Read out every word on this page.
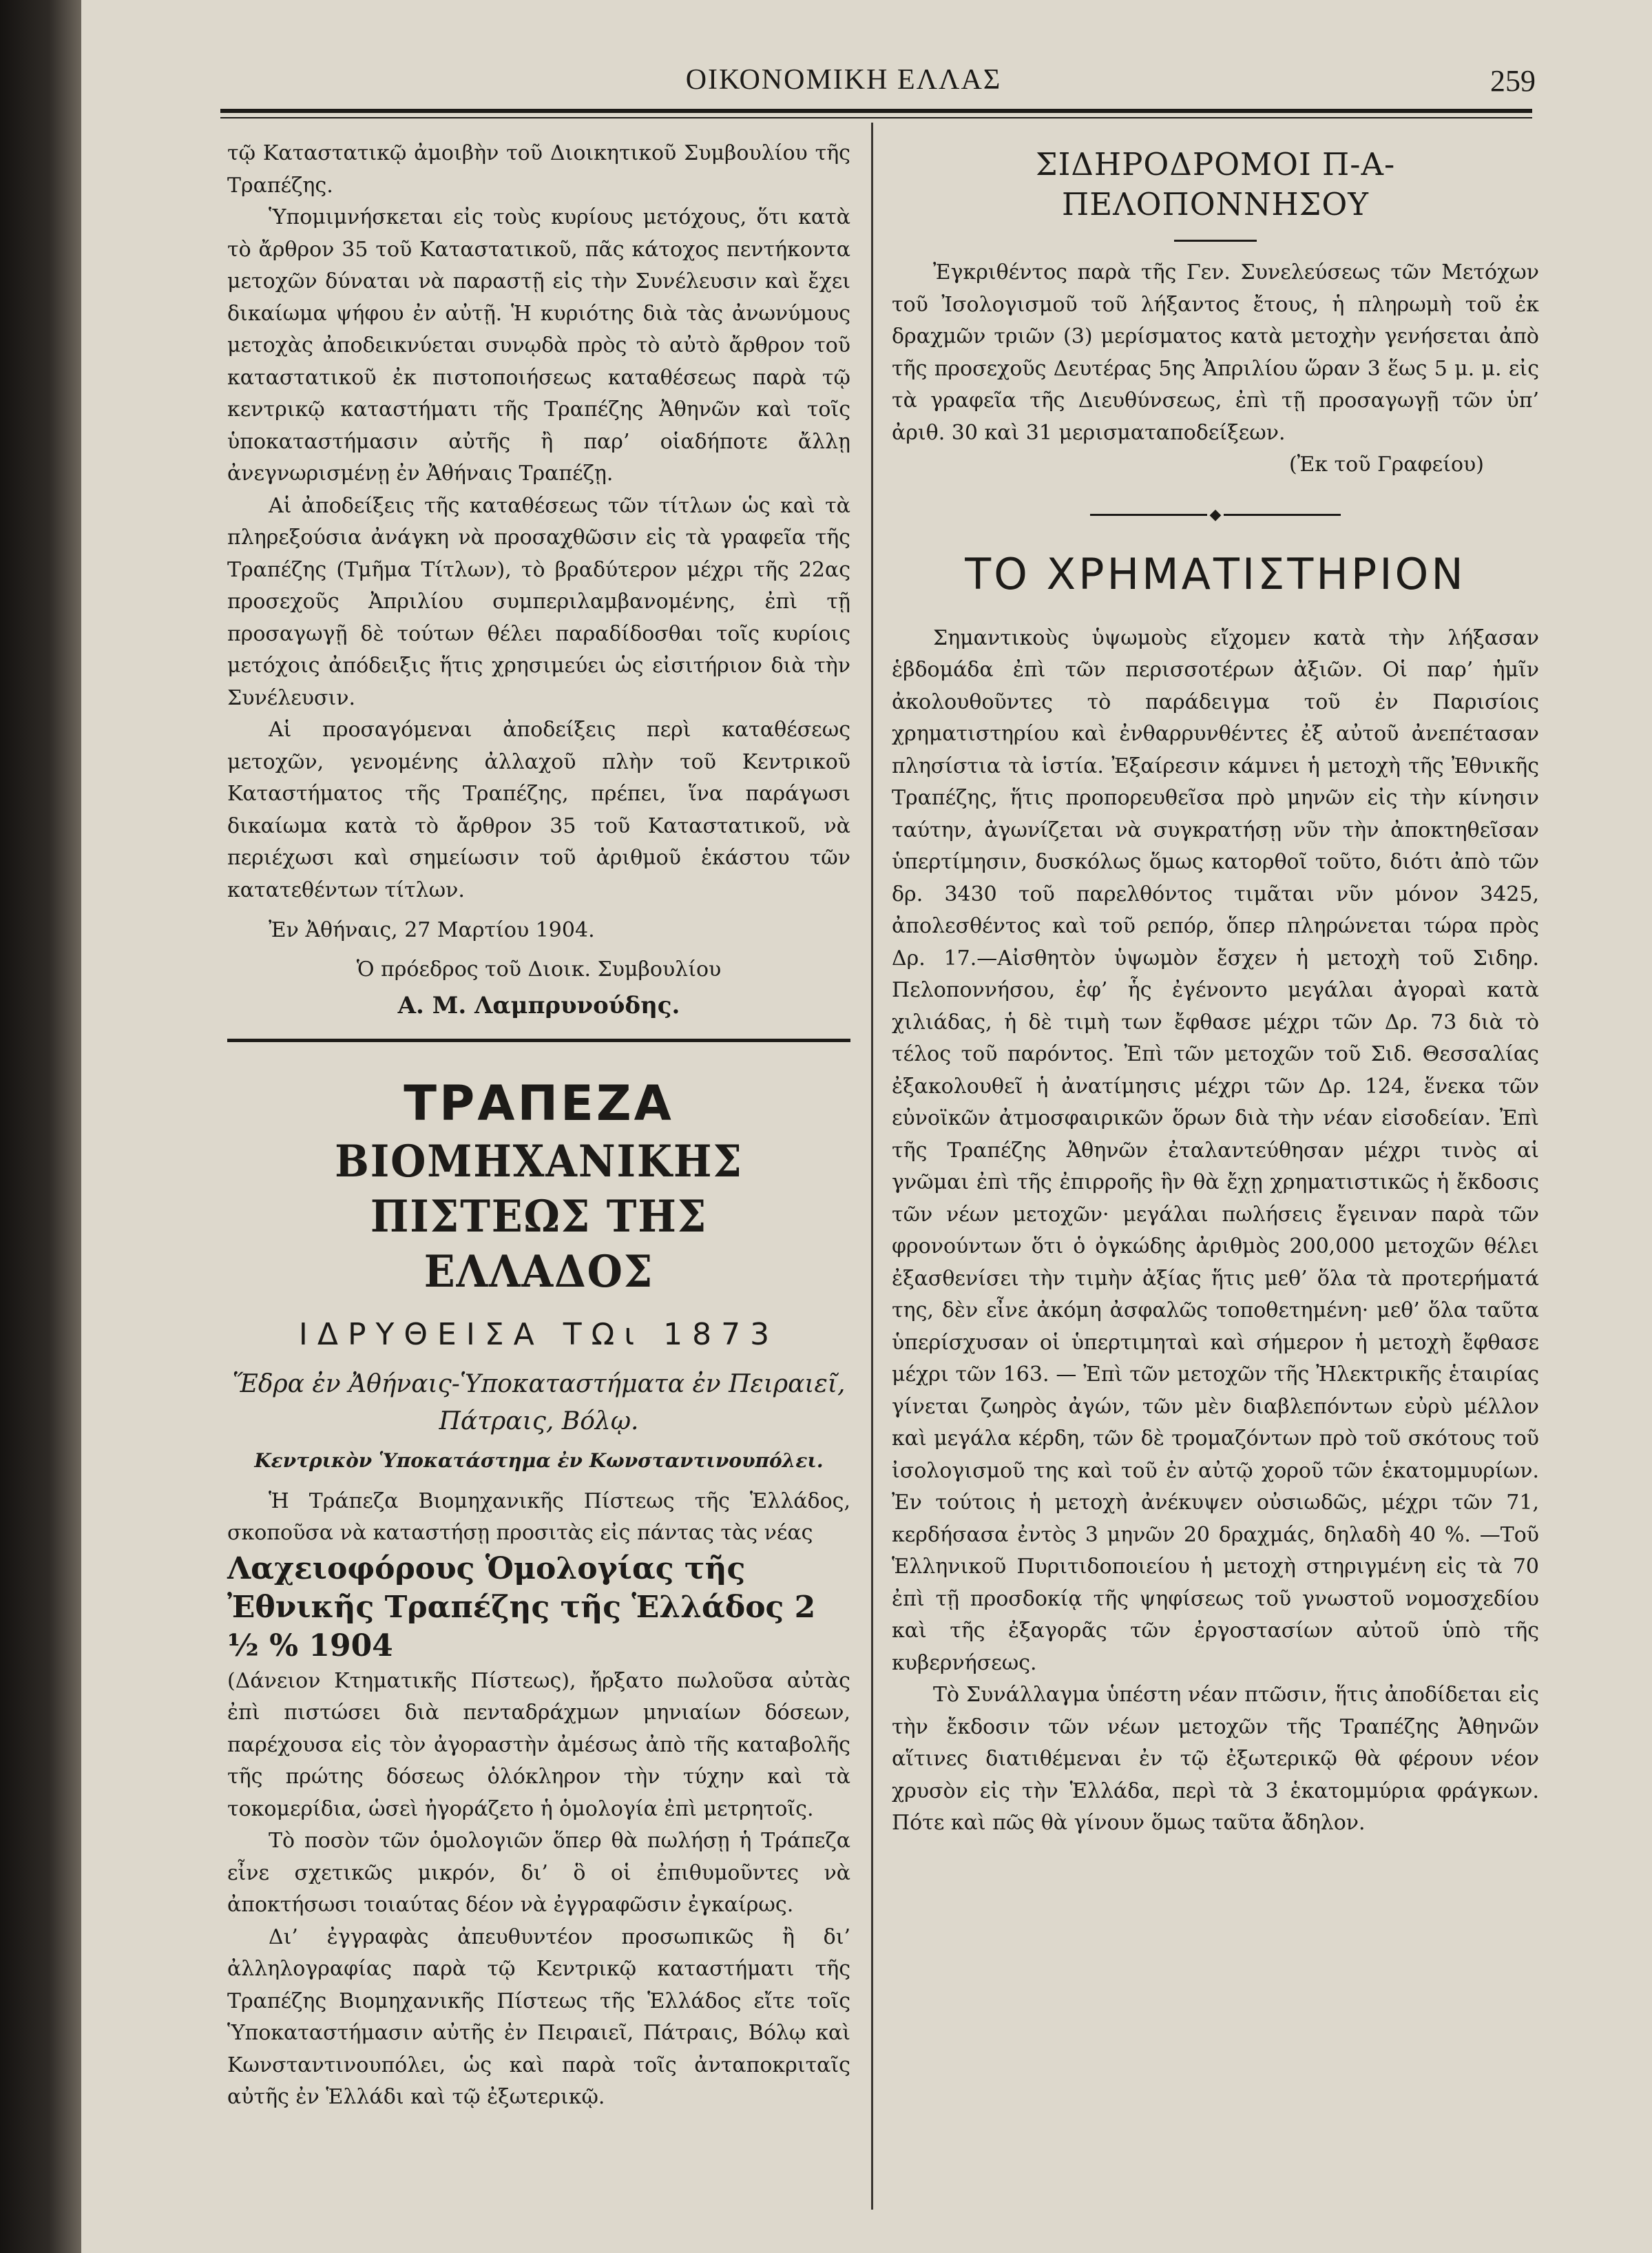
ΟΙΚΟΝΟΜΙΚΗ ΕΛΛΑΣ	259

τῷ Καταστατικῷ ἀμοιβὴν τοῦ Διοικητικοῦ Συμβουλίου τῆς Τραπέζης.

Ὑπομιμνήσκεται εἰς τοὺς κυρίους μετόχους, ὅτι κατὰ τὸ ἄρθρον 35 τοῦ Καταστατικοῦ, πᾶς κάτοχος πεντήκοντα μετοχῶν δύναται νὰ παραστῇ εἰς τὴν Συνέλευσιν καὶ ἔχει δικαίωμα ψήφου ἐν αὐτῇ. Ἡ κυριότης διὰ τὰς ἀνωνύμους μετοχὰς ἀποδεικνύεται συνῳδὰ πρὸς τὸ αὐτὸ ἄρθρον τοῦ καταστατικοῦ ἐκ πιστοποιήσεως καταθέσεως παρὰ τῷ κεντρικῷ καταστήματι τῆς Τραπέζης Ἀθηνῶν καὶ τοῖς ὑποκαταστήμασιν αὐτῆς ἢ παρ’ οἱαδήποτε ἄλλῃ ἀνεγνωρισμένῃ ἐν Ἀθήναις Τραπέζῃ.

Αἱ ἀποδείξεις τῆς καταθέσεως τῶν τίτλων ὡς καὶ τὰ πληρεξούσια ἀνάγκη νὰ προσαχθῶσιν εἰς τὰ γραφεῖα τῆς Τραπέζης (Τμῆμα Τίτλων), τὸ βραδύτερον μέχρι τῆς 22ας προσεχοῦς Ἀπριλίου συμπεριλαμβανομένης, ἐπὶ τῇ προσαγωγῇ δὲ τούτων θέλει παραδίδοσθαι τοῖς κυρίοις μετόχοις ἀπόδειξις ἥτις χρησιμεύει ὡς εἰσιτήριον διὰ τὴν Συνέλευσιν.

Αἱ προσαγόμεναι ἀποδείξεις περὶ καταθέσεως μετοχῶν, γενομένης ἀλλαχοῦ πλὴν τοῦ Κεντρικοῦ Καταστήματος τῆς Τραπέζης, πρέπει, ἵνα παράγωσι δικαίωμα κατὰ τὸ ἄρθρον 35 τοῦ Καταστατικοῦ, νὰ περιέχωσι καὶ σημείωσιν τοῦ ἀριθμοῦ ἑκάστου τῶν κατατεθέντων τίτλων.

Ἐν Ἀθήναις, 27 Μαρτίου 1904.

Ὁ πρόεδρος τοῦ Διοικ. Συμβουλίου

Α. Μ. Λαμπρυνούδης.

ΤΡΑΠΕΖΑ

ΒΙΟΜΗΧΑΝΙΚΗΣ ΠΙΣΤΕΩΣ ΤΗΣ ΕΛΛΑΔΟΣ

ΙΔΡΥΘΕΙΣΑ ΤΩι 1873

Ἕδρα ἐν Ἀθήναις-Ὑποκαταστήματα ἐν Πειραιεῖ, Πάτραις, Βόλῳ.

Κεντρικὸν Ὑποκατάστημα ἐν Κωνσταντινουπόλει.

Ἡ Τράπεζα Βιομηχανικῆς Πίστεως τῆς Ἑλλάδος, σκοποῦσα νὰ καταστήσῃ προσιτὰς εἰς πάντας τὰς νέας

Λαχειοφόρους Ὁμολογίας τῆς Ἐθνικῆς Τραπέζης τῆς Ἑλλάδος 2 ½ % 1904

(Δάνειον Κτηματικῆς Πίστεως), ἤρξατο πωλοῦσα αὐτὰς ἐπὶ πιστώσει διὰ πενταδράχμων μηνιαίων δόσεων, παρέχουσα εἰς τὸν ἀγοραστὴν ἀμέσως ἀπὸ τῆς καταβολῆς τῆς πρώτης δόσεως ὁλόκληρον τὴν τύχην καὶ τὰ τοκομερίδια, ὡσεὶ ἠγοράζετο ἡ ὁμολογία ἐπὶ μετρητοῖς.

Τὸ ποσὸν τῶν ὁμολογιῶν ὅπερ θὰ πωλήσῃ ἡ Τράπεζα εἶνε σχετικῶς μικρόν, δι’ ὃ οἱ ἐπιθυμοῦντες νὰ ἀποκτήσωσι τοιαύτας δέον νὰ ἐγγραφῶσιν ἐγκαίρως.

Δι’ ἐγγραφὰς ἀπευθυντέον προσωπικῶς ἢ δι’ ἀλληλογραφίας παρὰ τῷ Κεντρικῷ καταστήματι τῆς Τραπέζης Βιομηχανικῆς Πίστεως τῆς Ἑλλάδος εἴτε τοῖς Ὑποκαταστήμασιν αὐτῆς ἐν Πειραιεῖ, Πάτραις, Βόλῳ καὶ Κωνσταντινουπόλει, ὡς καὶ παρὰ τοῖς ἀνταποκριταῖς αὐτῆς ἐν Ἑλλάδι καὶ τῷ ἐξωτερικῷ.

ΣΙΔΗΡΟΔΡΟΜΟΙ Π-Α-ΠΕΛΟΠΟΝΝΗΣΟΥ

Ἐγκριθέντος παρὰ τῆς Γεν. Συνελεύσεως τῶν Μετόχων τοῦ Ἰσολογισμοῦ τοῦ λήξαντος ἔτους, ἡ πληρωμὴ τοῦ ἐκ δραχμῶν τριῶν (3) μερίσματος κατὰ μετοχὴν γενήσεται ἀπὸ τῆς προσεχοῦς Δευτέρας 5ης Ἀπριλίου ὥραν 3 ἕως 5 μ. μ. εἰς τὰ γραφεῖα τῆς Διευθύνσεως, ἐπὶ τῇ προσαγωγῇ τῶν ὑπ’ ἀριθ. 30 καὶ 31 μερισματαποδείξεων.

(Ἐκ τοῦ Γραφείου)

◆

ΤΟ ΧΡΗΜΑΤΙΣΤΗΡΙΟΝ

Σημαντικοὺς ὑψωμοὺς εἴχομεν κατὰ τὴν λήξασαν ἑβδομάδα ἐπὶ τῶν περισσοτέρων ἀξιῶν. Οἱ παρ’ ἡμῖν ἀκολουθοῦντες τὸ παράδειγμα τοῦ ἐν Παρισίοις χρηματιστηρίου καὶ ἐνθαρρυνθέντες ἐξ αὐτοῦ ἀνεπέτασαν πλησίστια τὰ ἱστία. Ἐξαίρεσιν κάμνει ἡ μετοχὴ τῆς Ἐθνικῆς Τραπέζης, ἥτις προπορευθεῖσα πρὸ μηνῶν εἰς τὴν κίνησιν ταύτην, ἀγωνίζεται νὰ συγκρατήσῃ νῦν τὴν ἀποκτηθεῖσαν ὑπερτίμησιν, δυσκόλως ὅμως κατορθοῖ τοῦτο, διότι ἀπὸ τῶν δρ. 3430 τοῦ παρελθόντος τιμᾶται νῦν μόνον 3425, ἀπολεσθέντος καὶ τοῦ ρεπόρ, ὅπερ πληρώνεται τώρα πρὸς Δρ. 17.—Αἰσθητὸν ὑψωμὸν ἔσχεν ἡ μετοχὴ τοῦ Σιδηρ. Πελοποννήσου, ἐφ’ ἧς ἐγένοντο μεγάλαι ἀγοραὶ κατὰ χιλιάδας, ἡ δὲ τιμὴ των ἔφθασε μέχρι τῶν Δρ. 73 διὰ τὸ τέλος τοῦ παρόντος. Ἐπὶ τῶν μετοχῶν τοῦ Σιδ. Θεσσαλίας ἐξακολουθεῖ ἡ ἀνατίμησις μέχρι τῶν Δρ. 124, ἕνεκα τῶν εὐνοϊκῶν ἀτμοσφαιρικῶν ὅρων διὰ τὴν νέαν εἰσοδείαν. Ἐπὶ τῆς Τραπέζης Ἀθηνῶν ἐταλαντεύθησαν μέχρι τινὸς αἱ γνῶμαι ἐπὶ τῆς ἐπιρροῆς ἣν θὰ ἔχῃ χρηματιστικῶς ἡ ἔκδοσις τῶν νέων μετοχῶν· μεγάλαι πωλήσεις ἔγειναν παρὰ τῶν φρονούντων ὅτι ὁ ὀγκώδης ἀριθμὸς 200,000 μετοχῶν θέλει ἐξασθενίσει τὴν τιμὴν ἀξίας ἥτις μεθ’ ὅλα τὰ προτερήματά της, δὲν εἶνε ἀκόμη ἀσφαλῶς τοποθετημένη· μεθ’ ὅλα ταῦτα ὑπερίσχυσαν οἱ ὑπερτιμηταὶ καὶ σήμερον ἡ μετοχὴ ἔφθασε μέχρι τῶν 163. — Ἐπὶ τῶν μετοχῶν τῆς Ἠλεκτρικῆς ἑταιρίας γίνεται ζωηρὸς ἀγών, τῶν μὲν διαβλεπόντων εὐρὺ μέλλον καὶ μεγάλα κέρδη, τῶν δὲ τρομαζόντων πρὸ τοῦ σκότους τοῦ ἰσολογισμοῦ της καὶ τοῦ ἐν αὐτῷ χοροῦ τῶν ἑκατομμυρίων. Ἐν τούτοις ἡ μετοχὴ ἀνέκυψεν οὐσιωδῶς, μέχρι τῶν 71, κερδήσασα ἐντὸς 3 μηνῶν 20 δραχμάς, δηλαδὴ 40 %. —Τοῦ Ἑλληνικοῦ Πυριτιδοποιείου ἡ μετοχὴ στηριγμένη εἰς τὰ 70 ἐπὶ τῇ προσδοκίᾳ τῆς ψηφίσεως τοῦ γνωστοῦ νομοσχεδίου καὶ τῆς ἐξαγορᾶς τῶν ἐργοστασίων αὐτοῦ ὑπὸ τῆς κυβερνήσεως.

Τὸ Συνάλλαγμα ὑπέστη νέαν πτῶσιν, ἥτις ἀποδίδεται εἰς τὴν ἔκδοσιν τῶν νέων μετοχῶν τῆς Τραπέζης Ἀθηνῶν αἵτινες διατιθέμεναι ἐν τῷ ἐξωτερικῷ θὰ φέρουν νέον χρυσὸν εἰς τὴν Ἑλλάδα, περὶ τὰ 3 ἑκατομμύρια φράγκων. Πότε καὶ πῶς θὰ γίνουν ὅμως ταῦτα ἄδηλον.
